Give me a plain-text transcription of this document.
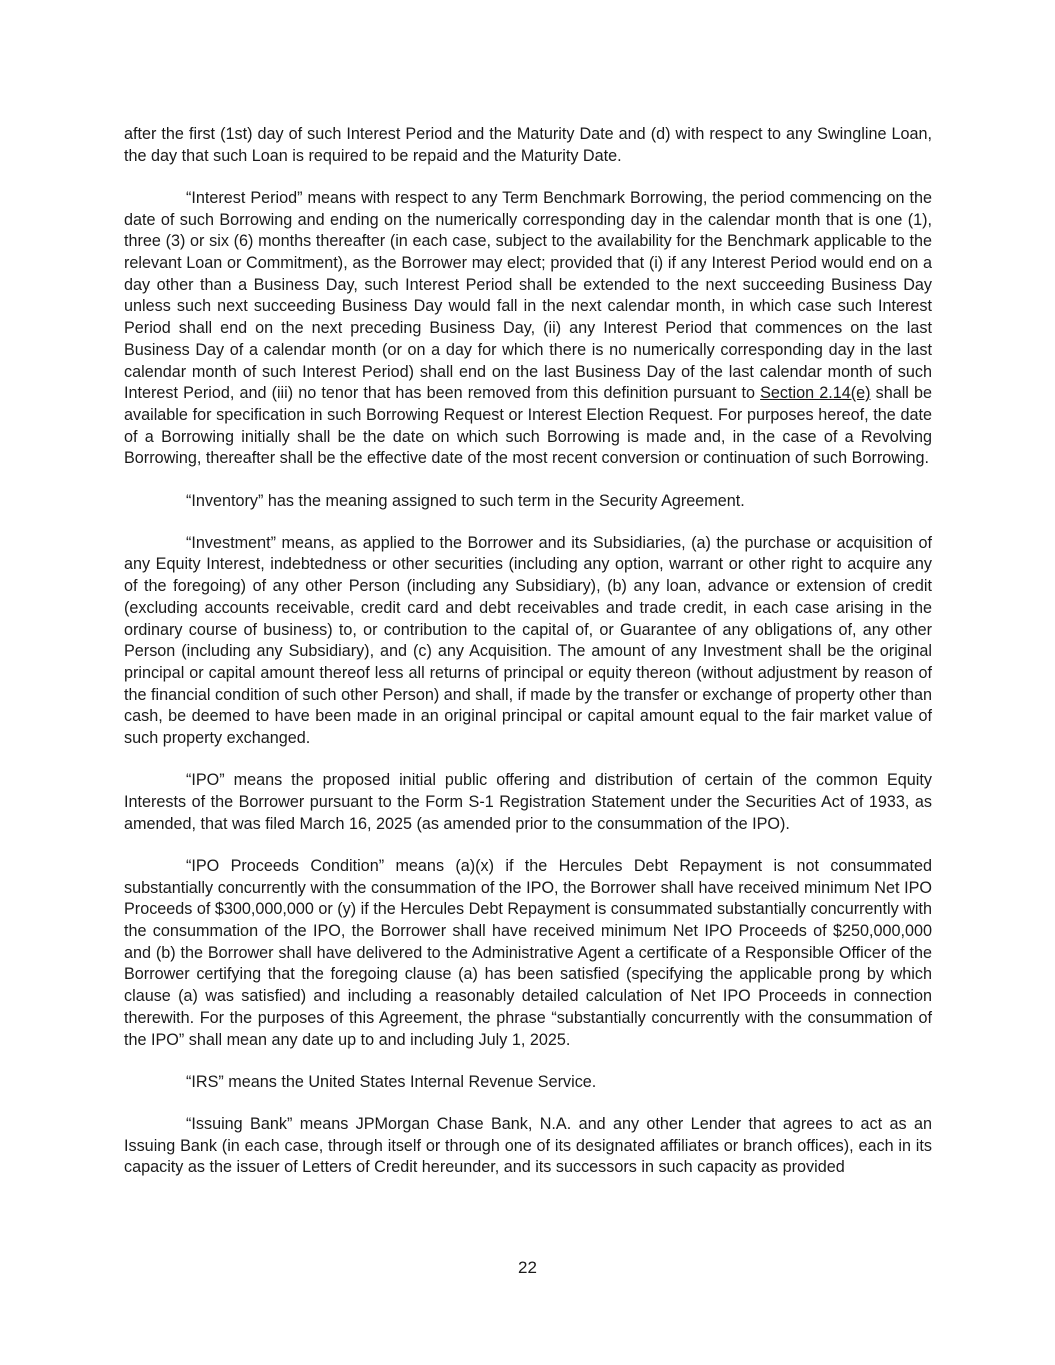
after the first (1st) day of such Interest Period and the Maturity Date and (d) with respect to any Swingline Loan, the day that such Loan is required to be repaid and the Maturity Date.

“Interest Period” means with respect to any Term Benchmark Borrowing, the period commencing on the date of such Borrowing and ending on the numerically corresponding day in the calendar month that is one (1), three (3) or six (6) months thereafter (in each case, subject to the availability for the Benchmark applicable to the relevant Loan or Commitment), as the Borrower may elect; provided that (i) if any Interest Period would end on a day other than a Business Day, such Interest Period shall be extended to the next succeeding Business Day unless such next succeeding Business Day would fall in the next calendar month, in which case such Interest Period shall end on the next preceding Business Day, (ii) any Interest Period that commences on the last Business Day of a calendar month (or on a day for which there is no numerically corresponding day in the last calendar month of such Interest Period) shall end on the last Business Day of the last calendar month of such Interest Period, and (iii) no tenor that has been removed from this definition pursuant to Section 2.14(e) shall be available for specification in such Borrowing Request or Interest Election Request. For purposes hereof, the date of a Borrowing initially shall be the date on which such Borrowing is made and, in the case of a Revolving Borrowing, thereafter shall be the effective date of the most recent conversion or continuation of such Borrowing.

“Inventory” has the meaning assigned to such term in the Security Agreement.

“Investment” means, as applied to the Borrower and its Subsidiaries, (a) the purchase or acquisition of any Equity Interest, indebtedness or other securities (including any option, warrant or other right to acquire any of the foregoing) of any other Person (including any Subsidiary), (b) any loan, advance or extension of credit (excluding accounts receivable, credit card and debt receivables and trade credit, in each case arising in the ordinary course of business) to, or contribution to the capital of, or Guarantee of any obligations of, any other Person (including any Subsidiary), and (c) any Acquisition. The amount of any Investment shall be the original principal or capital amount thereof less all returns of principal or equity thereon (without adjustment by reason of the financial condition of such other Person) and shall, if made by the transfer or exchange of property other than cash, be deemed to have been made in an original principal or capital amount equal to the fair market value of such property exchanged.

“IPO” means the proposed initial public offering and distribution of certain of the common Equity Interests of the Borrower pursuant to the Form S-1 Registration Statement under the Securities Act of 1933, as amended, that was filed March 16, 2025 (as amended prior to the consummation of the IPO).

“IPO Proceeds Condition” means (a)(x) if the Hercules Debt Repayment is not consummated substantially concurrently with the consummation of the IPO, the Borrower shall have received minimum Net IPO Proceeds of $300,000,000 or (y) if the Hercules Debt Repayment is consummated substantially concurrently with the consummation of the IPO, the Borrower shall have received minimum Net IPO Proceeds of $250,000,000 and (b) the Borrower shall have delivered to the Administrative Agent a certificate of a Responsible Officer of the Borrower certifying that the foregoing clause (a) has been satisfied (specifying the applicable prong by which clause (a) was satisfied) and including a reasonably detailed calculation of Net IPO Proceeds in connection therewith. For the purposes of this Agreement, the phrase “substantially concurrently with the consummation of the IPO” shall mean any date up to and including July 1, 2025.

“IRS” means the United States Internal Revenue Service.

“Issuing Bank” means JPMorgan Chase Bank, N.A. and any other Lender that agrees to act as an Issuing Bank (in each case, through itself or through one of its designated affiliates or branch offices), each in its capacity as the issuer of Letters of Credit hereunder, and its successors in such capacity as provided

22
